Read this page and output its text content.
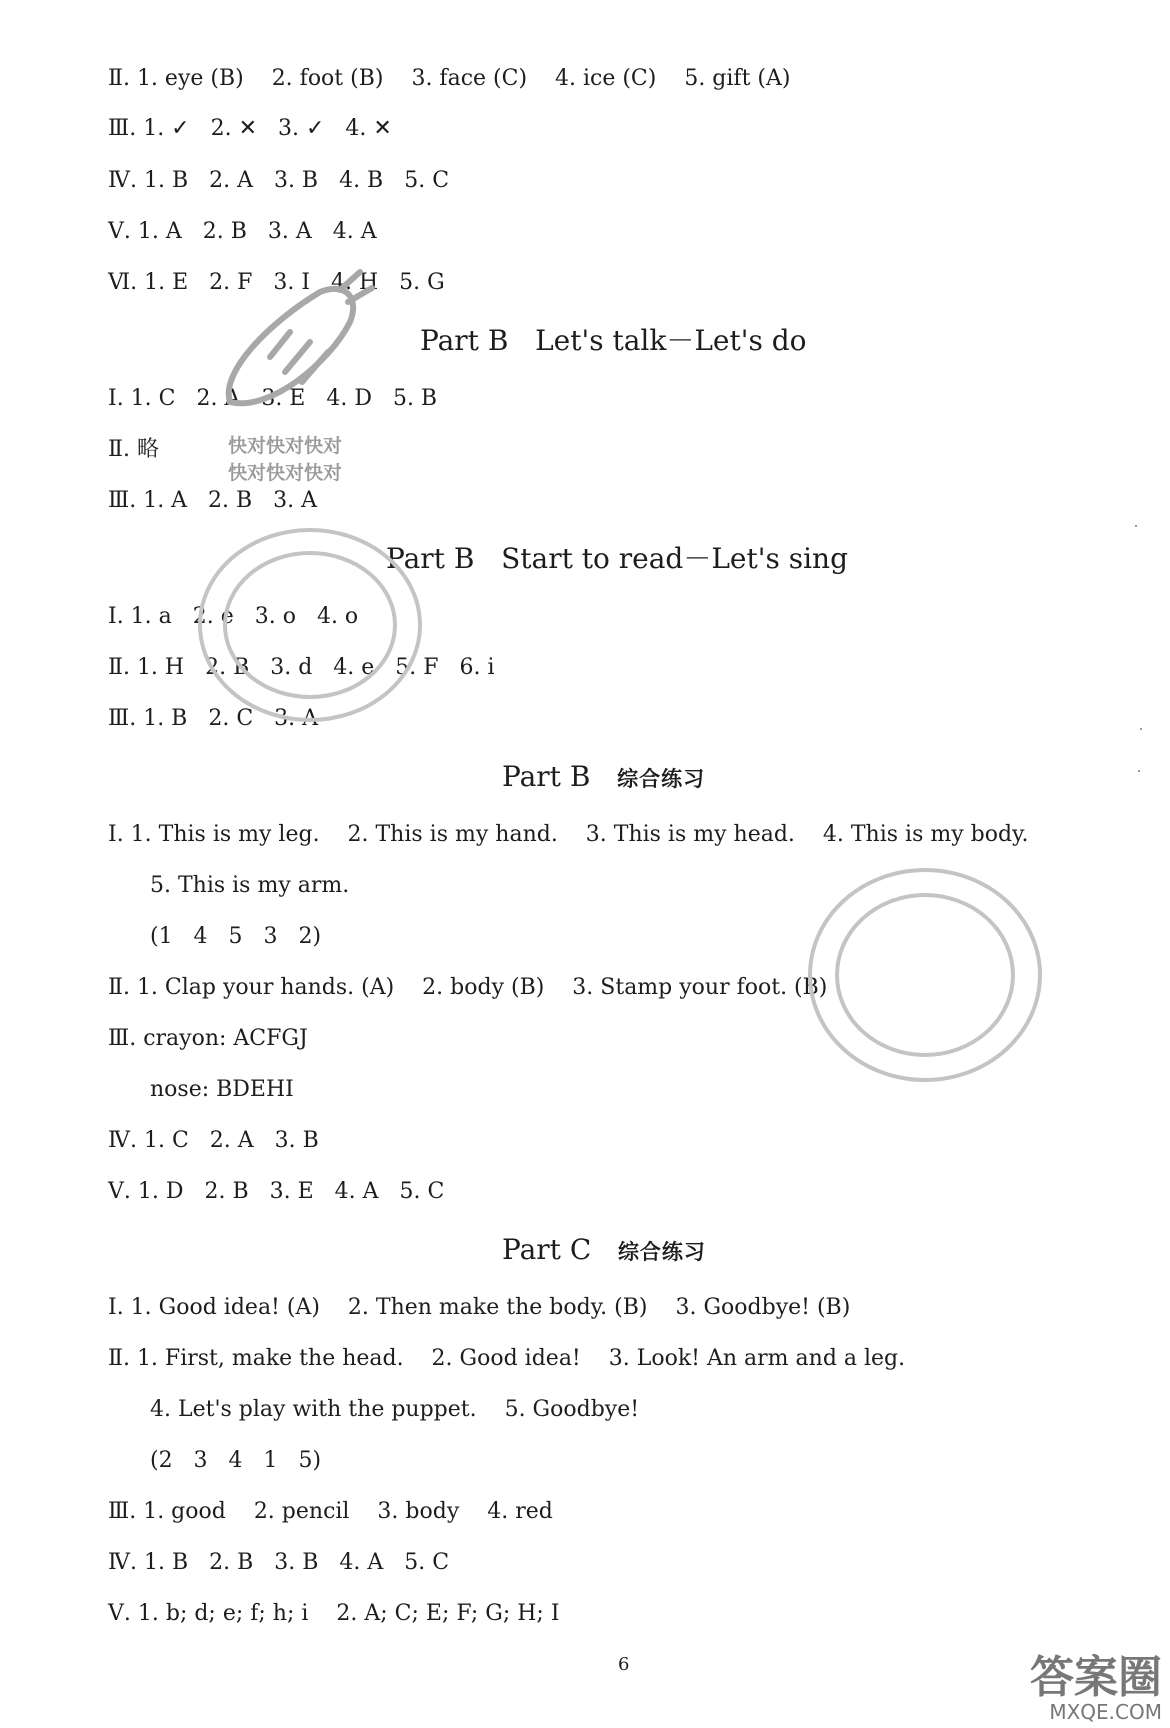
Ⅱ. 1. eye (B)    2. foot (B)    3. face (C)    4. ice (C)    5. gift (A)
Ⅲ. 1. ✓   2. ✕   3. ✓   4. ✕
Ⅳ. 1. B   2. A   3. B   4. B   5. C
Ⅴ. 1. A   2. B   3. A   4. A
Ⅵ. 1. E   2. F   3. I   4. H   5. G
Ⅰ. 1. C   2. A   3. E   4. D   5. B
Ⅱ. 略
Ⅲ. 1. A   2. B   3. A
Ⅰ. 1. a   2. e   3. o   4. o
Ⅱ. 1. H   2. B   3. d   4. e   5. F   6. i
Ⅲ. 1. B   2. C   3. A
Ⅰ. 1. This is my leg.    2. This is my hand.    3. This is my head.    4. This is my body.
5. This is my arm.
(1   4   5   3   2)
Ⅱ. 1. Clap your hands. (A)    2. body (B)    3. Stamp your foot. (B)
Ⅲ. crayon: ACFGJ
nose: BDEHI
Ⅳ. 1. C   2. A   3. B
Ⅴ. 1. D   2. B   3. E   4. A   5. C
Ⅰ. 1. Good idea! (A)    2. Then make the body. (B)    3. Goodbye! (B)
Ⅱ. 1. First, make the head.    2. Good idea!    3. Look! An arm and a leg.
4. Let's play with the puppet.    5. Goodbye!
(2   3   4   1   5)
Ⅲ. 1. good    2. pencil    3. body    4. red
Ⅳ. 1. B   2. B   3. B   4. A   5. C
Ⅴ. 1. b; d; e; f; h; i    2. A; C; E; F; G; H; I
Part B   Let's talk－Let's do
Part B   Start to read－Let's sing
Part B   综合练习
Part C   综合练习
快对快对快对
快对快对快对
6	答案圈
MXQE.COM
